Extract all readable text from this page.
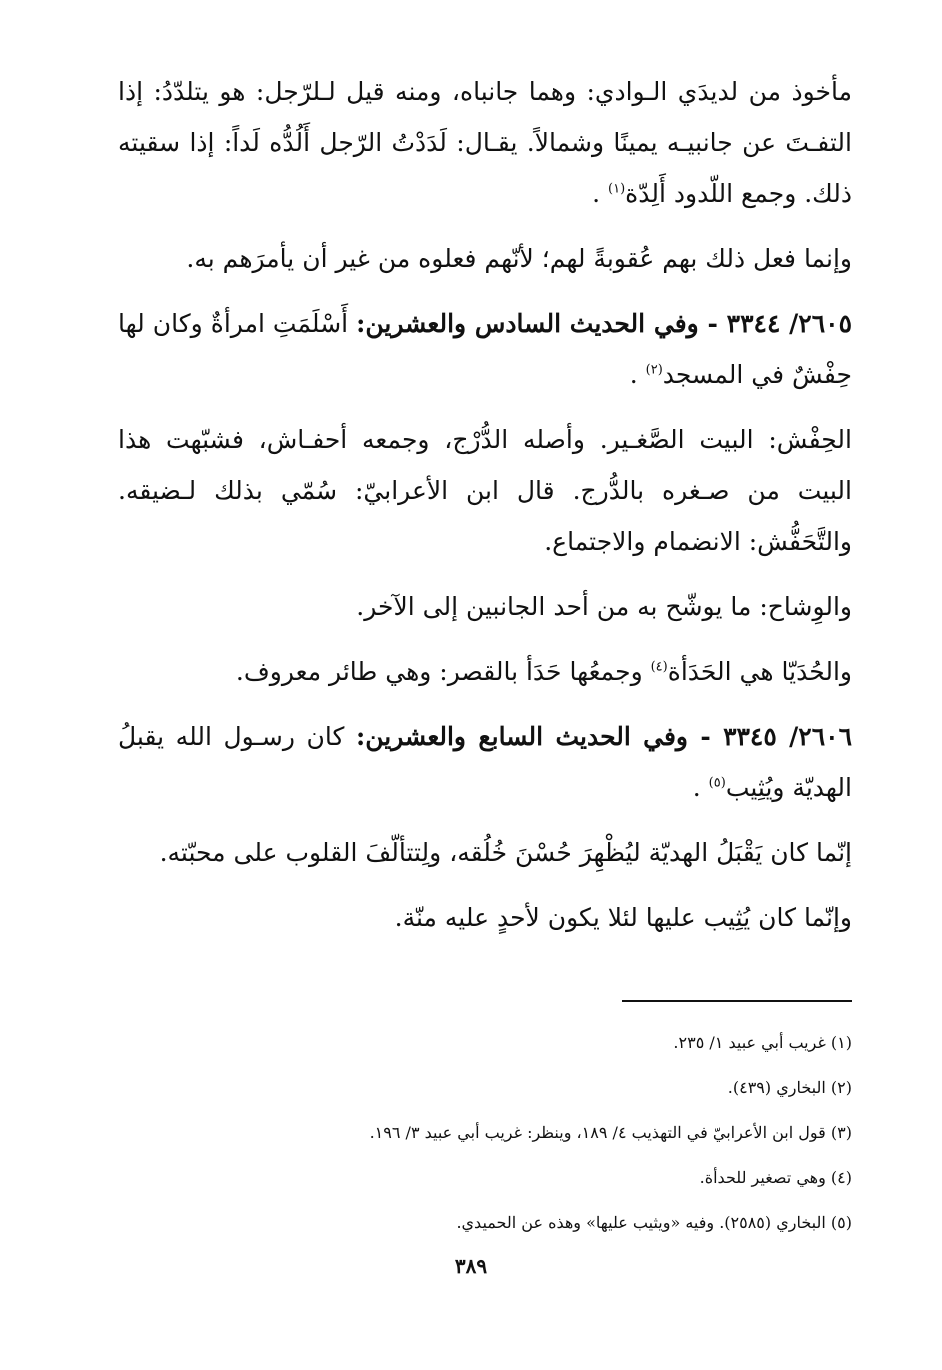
مأخوذ من لديدَي الـوادي: وهما جانباه، ومنه قيل لـلرّجل: هو يتلدّدُ: إذا التفـتَ عن جانبيـه يمينًا وشمالاً. يقـال: لَدَدْتُ الرّجل أَلُدُّه لَداً: إذا سقيته ذلك. وجمع اللّدود أَلِدّة$^{(١)}$ .

وإنما فعل ذلك بهم عُقوبةً لهم؛ لأنّهم فعلوه من غير أن يأمرَهم به.

٢٦٠٥/ ٣٣٤٤ - وفي الحديث السادس والعشرين: أَسْلَمَتِ امرأةٌ وكان لها حِفْشٌ في المسجد$^{(٢)}$ .

الحِفْش: البيت الصَّغـير. وأصله الدُّرْج، وجمعه أحفـاش، فشبّهت هذا البيت من صـغره بالدُّرج. قال ابن الأعرابيّ: سُمّي بذلك لـضيقه. والتَّحَفُّش: الانضمام والاجتماع.

والوِشاح: ما يوشّح به من أحد الجانبين إلى الآخر.

والحُدَيّا هي الحَدَأة$^{(٤)}$ وجمعُها حَدَأ بالقصر: وهي طائر معروف.

٢٦٠٦/ ٣٣٤٥ - وفي الحديث السابع والعشرين: كان رسـول الله يقبلُ الهديّة ويُثِيب$^{(٥)}$ .

إنّما كان يَقْبَلُ الهديّة ليُظْهِرَ حُسْنَ خُلُقه، ولِتتألّفَ القلوب على محبّته.

وإنّما كان يُثِيب عليها لئلا يكون لأحدٍ عليه منّة.

(١) غريب أبي عبيد ١/ ٢٣٥.

(٢) البخاري (٤٣٩).

(٣) قول ابن الأعرابيّ في التهذيب ٤/ ١٨٩، وينظر: غريب أبي عبيد ٣/ ١٩٦.

(٤) وهي تصغير للحدأة.

(٥) البخاري (٢٥٨٥). وفيه «ويثيب عليها» وهذه عن الحميدي.

٣٨٩
